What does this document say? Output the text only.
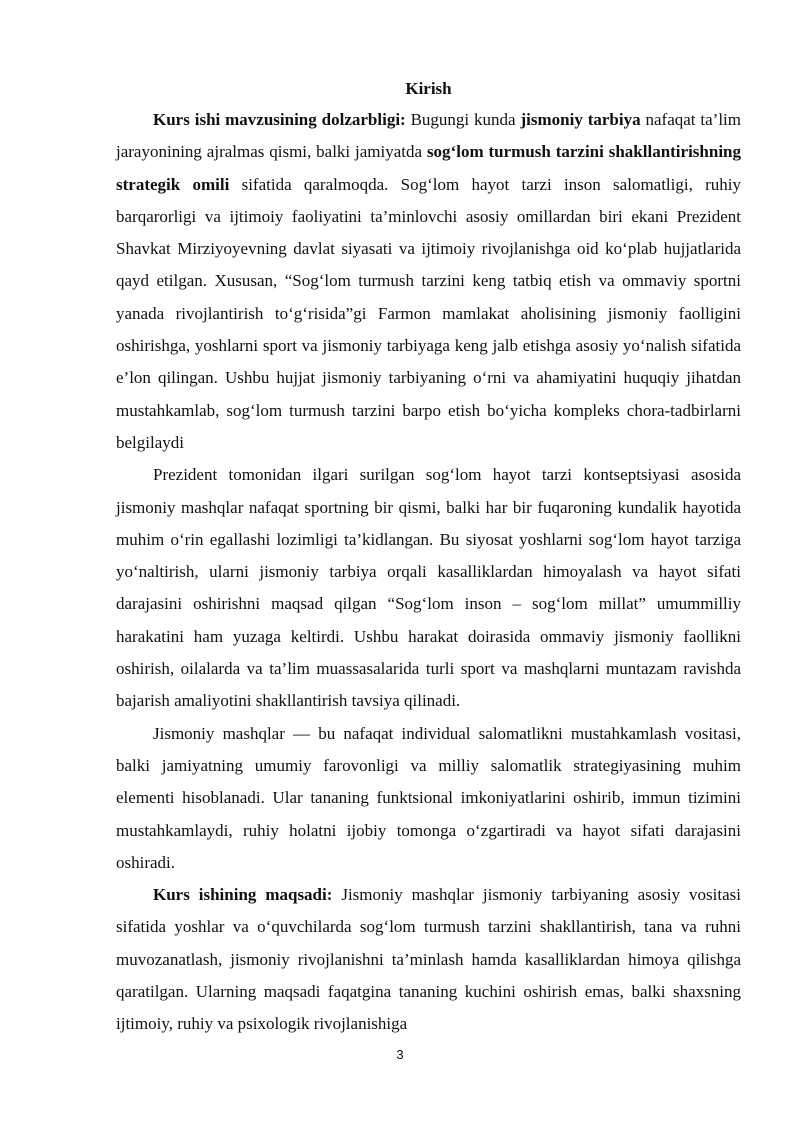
Kirish

Kurs ishi mavzusining dolzarbligi: Bugungi kunda jismoniy tarbiya nafaqat ta’lim jarayonining ajralmas qismi, balki jamiyatda sog‘lom turmush tarzini shakllantirishning strategik omili sifatida qaralmoqda. Sog‘lom hayot tarzi inson salomatligi, ruhiy barqarorligi va ijtimoiy faoliyatini ta’minlovchi asosiy omillardan biri ekani Prezident Shavkat Mirziyoyevning davlat siyasati va ijtimoiy rivojlanishga oid ko‘plab hujjatlarida qayd etilgan. Xususan, “Sog‘lom turmush tarzini keng tatbiq etish va ommaviy sportni yanada rivojlantirish to‘g‘risida”gi Farmon mamlakat aholisining jismoniy faolligini oshirishga, yoshlarni sport va jismoniy tarbiyaga keng jalb etishga asosiy yo‘nalish sifatida e’lon qilingan. Ushbu hujjat jismoniy tarbiyaning o‘rni va ahamiyatini huquqiy jihatdan mustahkamlab, sog‘lom turmush tarzini barpo etish bo‘yicha kompleks chora-tadbirlarni belgilaydi

Prezident tomonidan ilgari surilgan sog‘lom hayot tarzi kontseptsiyasi asosida jismoniy mashqlar nafaqat sportning bir qismi, balki har bir fuqaroning kundalik hayotida muhim o‘rin egallashi lozimligi ta’kidlangan. Bu siyosat yoshlarni sog‘lom hayot tarziga yo‘naltirish, ularni jismoniy tarbiya orqali kasalliklardan himoyalash va hayot sifati darajasini oshirishni maqsad qilgan “Sog‘lom inson – sog‘lom millat” umummilliy harakatini ham yuzaga keltirdi. Ushbu harakat doirasida ommaviy jismoniy faollikni oshirish, oilalarda va ta’lim muassasalarida turli sport va mashqlarni muntazam ravishda bajarish amaliyotini shakllantirish tavsiya qilinadi.

Jismoniy mashqlar — bu nafaqat individual salomatlikni mustahkamlash vositasi, balki jamiyatning umumiy farovonligi va milliy salomatlik strategiyasining muhim elementi hisoblanadi. Ular tananing funktsional imkoniyatlarini oshirib, immun tizimini mustahkamlaydi, ruhiy holatni ijobiy tomonga o‘zgartiradi va hayot sifati darajasini oshiradi.

Kurs ishining maqsadi: Jismoniy mashqlar jismoniy tarbiyaning asosiy vositasi sifatida yoshlar va o‘quvchilarda sog‘lom turmush tarzini shakllantirish, tana va ruhni muvozanatlash, jismoniy rivojlanishni ta’minlash hamda kasalliklardan himoya qilishga qaratilgan. Ularning maqsadi faqatgina tananing kuchini oshirish emas, balki shaxsning ijtimoiy, ruhiy va psixologik rivojlanishiga

3
